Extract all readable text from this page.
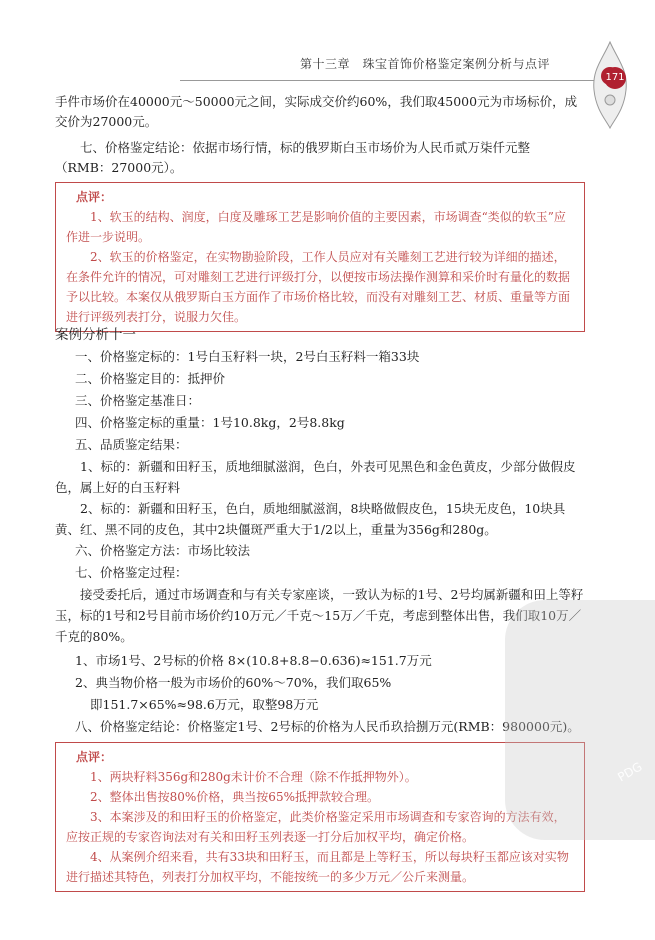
第十三章　珠宝首饰价格鉴定案例分析与点评
171
手件市场价在40000元～50000元之间，实际成交价约60%，我们取45000元为市场标价，成交价为27000元。
七、价格鉴定结论：依据市场行情，标的俄罗斯白玉市场价为人民币贰万柒仟元整（RMB：27000元）。
点评：

1、软玉的结构、润度，白度及雕琢工艺是影响价值的主要因素，市场调查“类似的软玉”应作进一步说明。

2、软玉的价格鉴定，在实物勘验阶段，工作人员应对有关雕刻工艺进行较为详细的描述，在条件允许的情况，可对雕刻工艺进行评级打分，以便按市场法操作测算和采价时有量化的数据予以比较。本案仅从俄罗斯白玉方面作了市场价格比较，而没有对雕刻工艺、材质、重量等方面进行评级列表打分，说服力欠佳。

案例分析十一
一、价格鉴定标的：1号白玉籽料一块，2号白玉籽料一箱33块
二、价格鉴定目的：抵押价
三、价格鉴定基准日：
四、价格鉴定标的重量：1号10.8kg，2号8.8kg
五、品质鉴定结果：
1、标的：新疆和田籽玉，质地细腻滋润，色白，外表可见黑色和金色黄皮，少部分做假皮色，属上好的白玉籽料
2、标的：新疆和田籽玉，色白，质地细腻滋润，8块略做假皮色，15块无皮色，10块具黄、红、黑不同的皮色，其中2块僵斑严重大于1/2以上，重量为356g和280g。
六、价格鉴定方法：市场比较法
七、价格鉴定过程：
接受委托后，通过市场调查和与有关专家座谈，一致认为标的1号、2号均属新疆和田上等籽玉，标的1号和2号目前市场价约10万元／千克～15万／千克，考虑到整体出售，我们取10万／千克的80%。
1、市场1号、2号标的价格 8×(10.8+8.8−0.636)≈151.7万元
2、典当物价格一般为市场价的60%～70%，我们取65%
即151.7×65%≈98.6万元，取整98万元
八、价格鉴定结论：价格鉴定1号、2号标的价格为人民币玖拾捌万元(RMB：980000元)。
点评：

1、两块籽料356g和280g未计价不合理（除不作抵押物外）。

2、整体出售按80%价格，典当按65%抵押款较合理。

3、本案涉及的和田籽玉的价格鉴定，此类价格鉴定采用市场调查和专家咨询的方法有效，应按正规的专家咨询法对有关和田籽玉列表逐一打分后加权平均，确定价格。

4、从案例介绍来看，共有33块和田籽玉，而且都是上等籽玉，所以每块籽玉都应该对实物进行描述其特色，列表打分加权平均，不能按统一的多少万元／公斤来测量。

PDG
